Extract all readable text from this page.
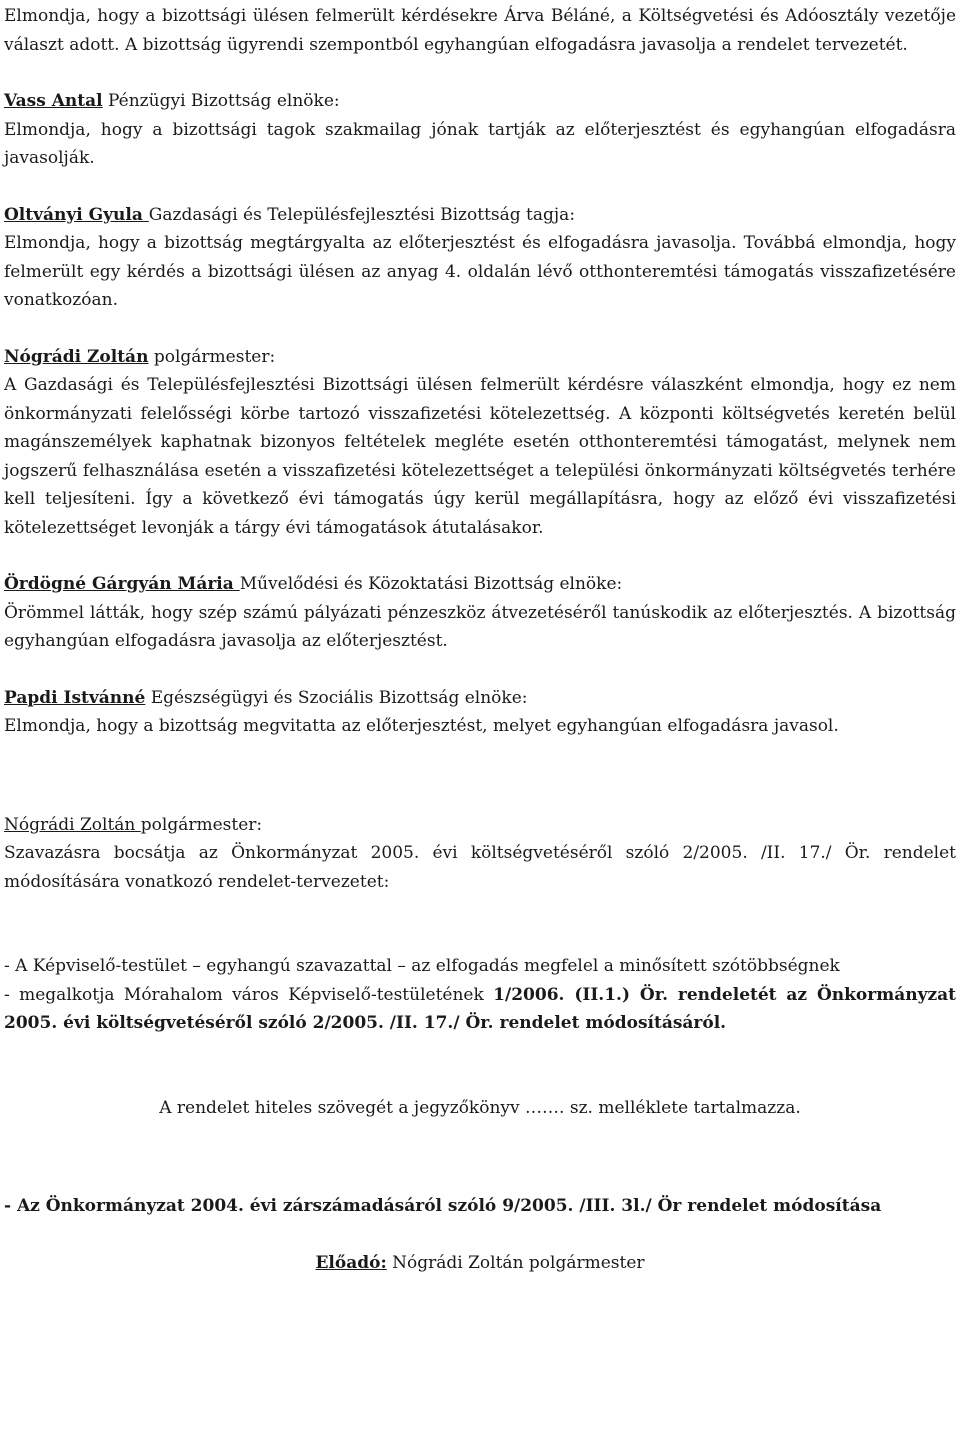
Elmondja, hogy a bizottsági ülésen felmerült kérdésekre Árva Béláné, a Költségvetési és Adóosztály vezetője választ adott. A bizottság ügyrendi szempontból egyhangúan elfogadásra javasolja a rendelet tervezetét.

Vass Antal Pénzügyi Bizottság elnöke:
Elmondja, hogy a bizottsági tagok szakmailag jónak tartják az előterjesztést és egyhangúan elfogadásra javasolják.

Oltványi Gyula Gazdasági és Településfejlesztési Bizottság tagja:
Elmondja, hogy a bizottság megtárgyalta az előterjesztést és elfogadásra javasolja. Továbbá elmondja, hogy felmerült egy kérdés a bizottsági ülésen az anyag 4. oldalán lévő otthonteremtési támogatás visszafizetésére vonatkozóan.

Nógrádi Zoltán polgármester:
A Gazdasági és Településfejlesztési Bizottsági ülésen felmerült kérdésre válaszként elmondja, hogy ez nem önkormányzati felelősségi körbe tartozó visszafizetési kötelezettség. A központi költségvetés keretén belül magánszemélyek kaphatnak bizonyos feltételek megléte esetén otthonteremtési támogatást, melynek nem jogszerű felhasználása esetén a visszafizetési kötelezettséget a települési önkormányzati költségvetés terhére kell teljesíteni. Így a következő évi támogatás úgy kerül megállapításra, hogy az előző évi visszafizetési kötelezettséget levonják a tárgy évi támogatások átutalásakor.

Ördögné Gárgyán Mária Művelődési és Közoktatási Bizottság elnöke:
Örömmel látták, hogy szép számú pályázati pénzeszköz átvezetéséről tanúskodik az előterjesztés. A bizottság egyhangúan elfogadásra javasolja az előterjesztést.

Papdi Istvánné Egészségügyi és Szociális Bizottság elnöke:
Elmondja, hogy a bizottság megvitatta az előterjesztést, melyet egyhangúan elfogadásra javasol.

Nógrádi Zoltán polgármester:
Szavazásra bocsátja az Önkormányzat 2005. évi költségvetéséről szóló 2/2005. /II. 17./ Ör. rendelet módosítására vonatkozó rendelet-tervezetet:

- A Képviselő-testület – egyhangú szavazattal – az elfogadás megfelel a minősített szótöbbségnek
- megalkotja Mórahalom város Képviselő-testületének 1/2006. (II.1.) Ör. rendeletét az Önkormányzat 2005. évi költségvetéséről szóló 2/2005. /II. 17./ Ör. rendelet módosításáról.

A rendelet hiteles szövegét a jegyzőkönyv ……. sz. melléklete tartalmazza.

- Az Önkormányzat 2004. évi zárszámadásáról szóló 9/2005. /III. 3l./ Ör rendelet módosítása

Előadó: Nógrádi Zoltán polgármester
